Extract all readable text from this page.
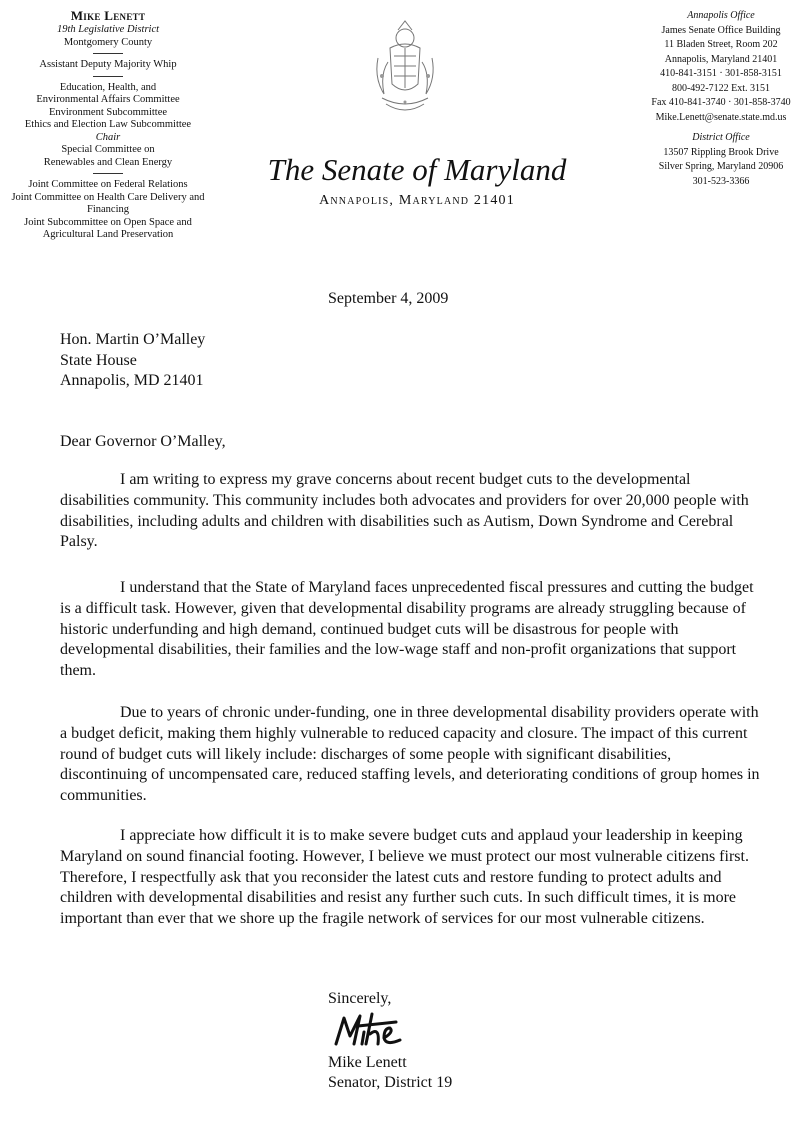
Mike Lenett
19th Legislative District
Montgomery County
Assistant Deputy Majority Whip
Education, Health, and Environmental Affairs Committee
Environment Subcommittee
Ethics and Election Law Subcommittee
Chair
Special Committee on Renewables and Clean Energy
Joint Committee on Federal Relations
Joint Committee on Health Care Delivery and Financing
Joint Subcommittee on Open Space and Agricultural Land Preservation
The Senate of Maryland
Annapolis, Maryland 21401
Annapolis Office
James Senate Office Building
11 Bladen Street, Room 202
Annapolis, Maryland 21401
410-841-3151 · 301-858-3151
800-492-7122 Ext. 3151
Fax 410-841-3740 · 301-858-3740
Mike.Lenett@senate.state.md.us
District Office
13507 Rippling Brook Drive
Silver Spring, Maryland 20906
301-523-3366
September 4, 2009
Hon. Martin O’Malley
State House
Annapolis, MD 21401
Dear Governor O’Malley,

I am writing to express my grave concerns about recent budget cuts to the developmental disabilities community. This community includes both advocates and providers for over 20,000 people with disabilities, including adults and children with disabilities such as Autism, Down Syndrome and Cerebral Palsy.

I understand that the State of Maryland faces unprecedented fiscal pressures and cutting the budget is a difficult task. However, given that developmental disability programs are already struggling because of historic underfunding and high demand, continued budget cuts will be disastrous for people with developmental disabilities, their families and the low-wage staff and non-profit organizations that support them.

Due to years of chronic under-funding, one in three developmental disability providers operate with a budget deficit, making them highly vulnerable to reduced capacity and closure. The impact of this current round of budget cuts will likely include: discharges of some people with significant disabilities, discontinuing of uncompensated care, reduced staffing levels, and deteriorating conditions of group homes in communities.

I appreciate how difficult it is to make severe budget cuts and applaud your leadership in keeping Maryland on sound financial footing. However, I believe we must protect our most vulnerable citizens first. Therefore, I respectfully ask that you reconsider the latest cuts and restore funding to protect adults and children with developmental disabilities and resist any further such cuts. In such difficult times, it is more important than ever that we shore up the fragile network of services for our most vulnerable citizens.

Sincerely,
Mike Lenett
Senator, District 19
